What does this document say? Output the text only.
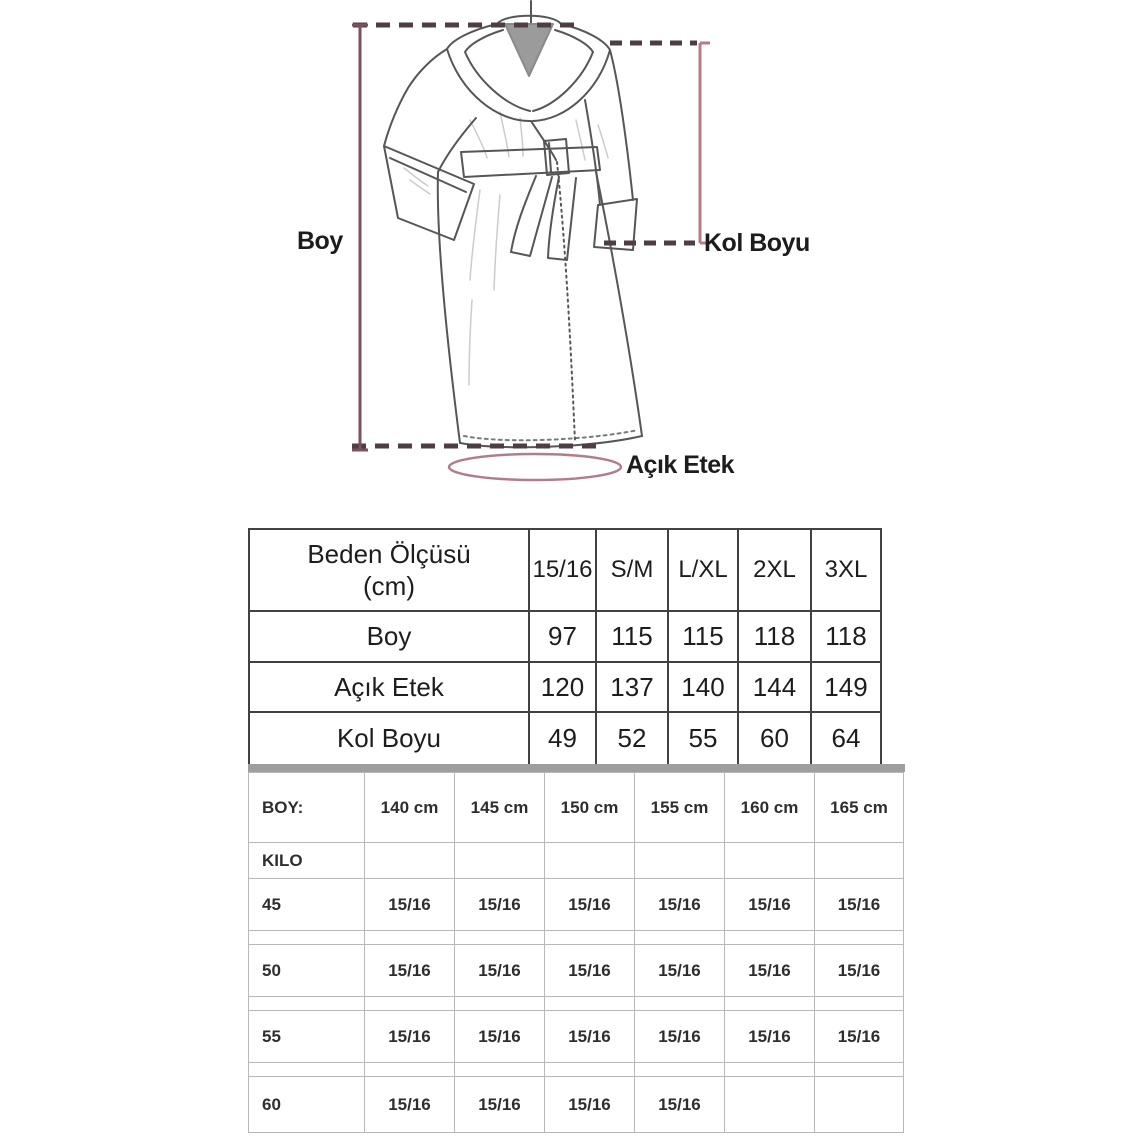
Boy	Kol Boyu
Açık Etek
Beden Ölçüsü
(cm)	15/16	S/M	L/XL	2XL	3XL
Boy	97	115	115	118	118
Açık Etek	120	137	140	144	149
Kol Boyu	49	52	55	60	64
BOY:	140 cm	145 cm	150 cm	155 cm	160 cm	165 cm
KILO						
45	15/16	15/16	15/16	15/16	15/16	15/16

50	15/16	15/16	15/16	15/16	15/16	15/16

55	15/16	15/16	15/16	15/16	15/16	15/16

60	15/16	15/16	15/16	15/16		
